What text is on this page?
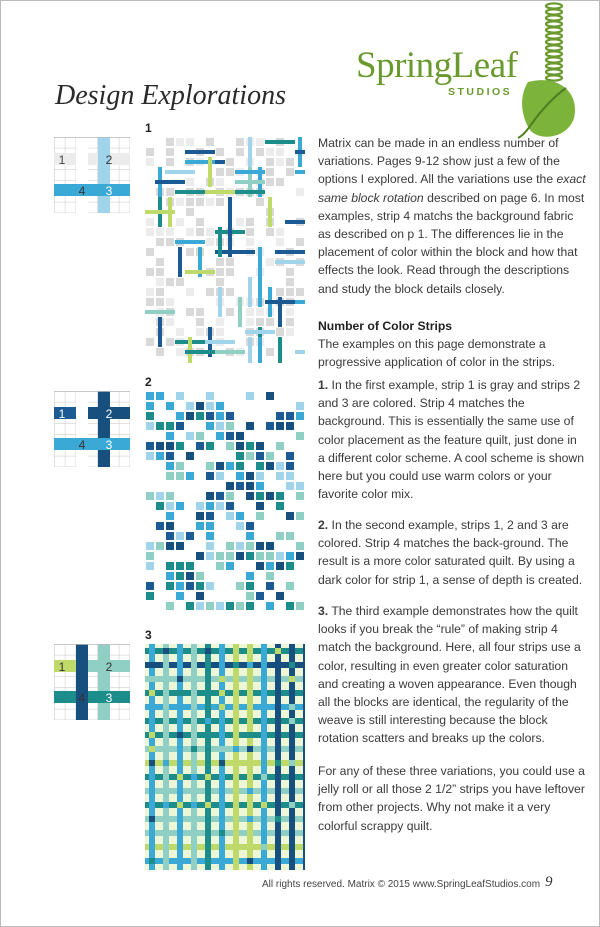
SpringLeaf
STUDIOS
Design Explorations
1
1	2
4 3
2
1	2
4 3
3
1	2
4 3

Matrix can be made in an endless number of variations. Pages 9-12 show just a few of the options I explored. All the variations use the exact same block rotation described on page 6. In most examples, strip 4 matchs the background fabric as described on p 1. The differences lie in the placement of color within the block and how that effects the look. Read through the descriptions and study the block details closely.

Number of Color Strips

The examples on this page demonstrate a progressive application of color in the strips.

1. In the first example, strip 1 is gray and strips 2 and 3 are colored. Strip 4 matches the background. This is essentially the same use of color placement as the feature quilt, just done in a different color scheme. A cool scheme is shown here but you could use warm colors or your favorite color mix.

2. In the second example, strips 1, 2 and 3 are colored. Strip 4 matches the back-ground. The result is a more color saturated quilt. By using a dark color for strip 1, a sense of depth is created.

3. The third example demonstrates how the quilt looks if you break the “rule” of making strip 4 match the background. Here, all four strips use a color, resulting in even greater color saturation and creating a woven appearance. Even though all the blocks are identical, the regularity of the weave is still interesting because the block rotation scatters and breaks up the colors.

For any of these three variations, you could use a jelly roll or all those 2 1/2” strips you have leftover from other projects. Why not make it a very colorful scrappy quilt.

All rights reserved. Matrix © 2015 www.SpringLeafStudios.com 9
